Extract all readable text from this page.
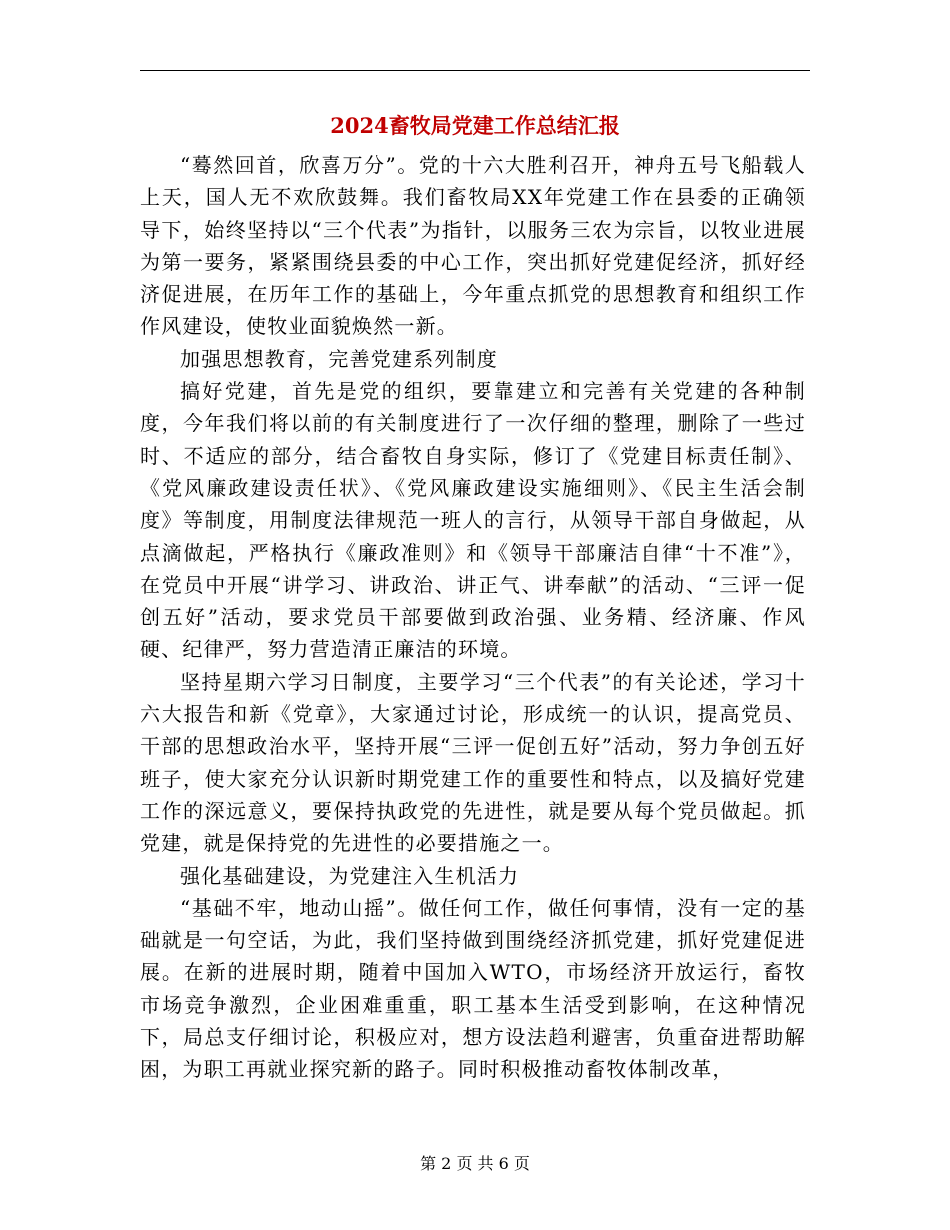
2024畜牧局党建工作总结汇报

“蓦然回首，欣喜万分”。党的十六大胜利召开，神舟五号飞船载人上天，国人无不欢欣鼓舞。我们畜牧局XX年党建工作在县委的正确领导下，始终坚持以“三个代表”为指针，以服务三农为宗旨，以牧业进展为第一要务，紧紧围绕县委的中心工作，突出抓好党建促经济，抓好经济促进展，在历年工作的基础上，今年重点抓党的思想教育和组织工作作风建设，使牧业面貌焕然一新。

加强思想教育，完善党建系列制度

搞好党建，首先是党的组织，要靠建立和完善有关党建的各种制度，今年我们将以前的有关制度进行了一次仔细的整理，删除了一些过时、不适应的部分，结合畜牧自身实际，修订了《党建目标责任制》、《党风廉政建设责任状》、《党风廉政建设实施细则》、《民主生活会制度》等制度，用制度法律规范一班人的言行，从领导干部自身做起，从点滴做起，严格执行《廉政准则》和《领导干部廉洁自律“十不准”》，在党员中开展“讲学习、讲政治、讲正气、讲奉献”的活动、“三评一促创五好”活动，要求党员干部要做到政治强、业务精、经济廉、作风硬、纪律严，努力营造清正廉洁的环境。

坚持星期六学习日制度，主要学习“三个代表”的有关论述，学习十六大报告和新《党章》，大家通过讨论，形成统一的认识，提高党员、干部的思想政治水平，坚持开展“三评一促创五好”活动，努力争创五好班子，使大家充分认识新时期党建工作的重要性和特点，以及搞好党建工作的深远意义，要保持执政党的先进性，就是要从每个党员做起。抓党建，就是保持党的先进性的必要措施之一。

强化基础建设，为党建注入生机活力

“基础不牢，地动山摇”。做任何工作，做任何事情，没有一定的基础就是一句空话，为此，我们坚持做到围绕经济抓党建，抓好党建促进展。在新的进展时期，随着中国加入WTO，市场经济开放运行，畜牧市场竞争激烈，企业困难重重，职工基本生活受到影响，在这种情况下，局总支仔细讨论，积极应对，想方设法趋利避害，负重奋进帮助解困，为职工再就业探究新的路子。同时积极推动畜牧体制改革，

第 2 页 共 6 页
